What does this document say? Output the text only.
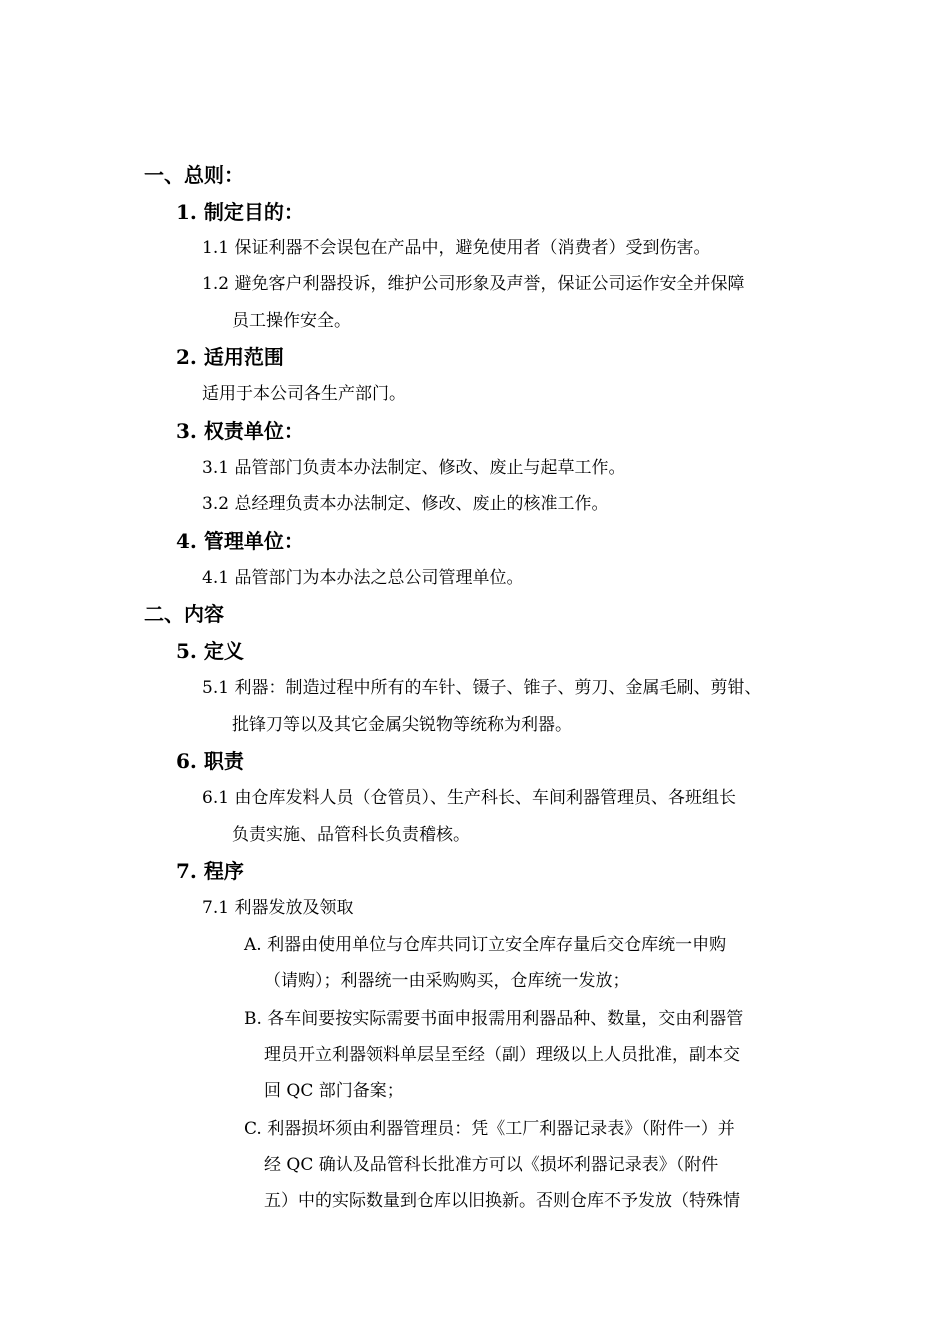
一、总则：
1. 制定目的：
1.1 保证利器不会误包在产品中，避免使用者（消费者）受到伤害。
1.2 避免客户利器投诉，维护公司形象及声誉，保证公司运作安全并保障
员工操作安全。
2. 适用范围
适用于本公司各生产部门。
3. 权责单位：
3.1 品管部门负责本办法制定、修改、废止与起草工作。
3.2 总经理负责本办法制定、修改、废止的核准工作。
4. 管理单位：
4.1 品管部门为本办法之总公司管理单位。
二、内容
5. 定义
5.1 利器：制造过程中所有的车针、镊子、锥子、剪刀、金属毛刷、剪钳、
批锋刀等以及其它金属尖锐物等统称为利器。
6. 职责
6.1 由仓库发料人员（仓管员）、生产科长、车间利器管理员、各班组长
负责实施、品管科长负责稽核。
7. 程序
7.1 利器发放及领取
A. 利器由使用单位与仓库共同订立安全库存量后交仓库统一申购
（请购）；利器统一由采购购买，仓库统一发放；
B. 各车间要按实际需要书面申报需用利器品种、数量，交由利器管
理员开立利器领料单层呈至经（副）理级以上人员批准，副本交
回 QC 部门备案；
C. 利器损坏须由利器管理员：凭《工厂利器记录表》（附件一）并
经 QC 确认及品管科长批准方可以《损坏利器记录表》（附件
五）中的实际数量到仓库以旧换新。否则仓库不予发放（特殊情
